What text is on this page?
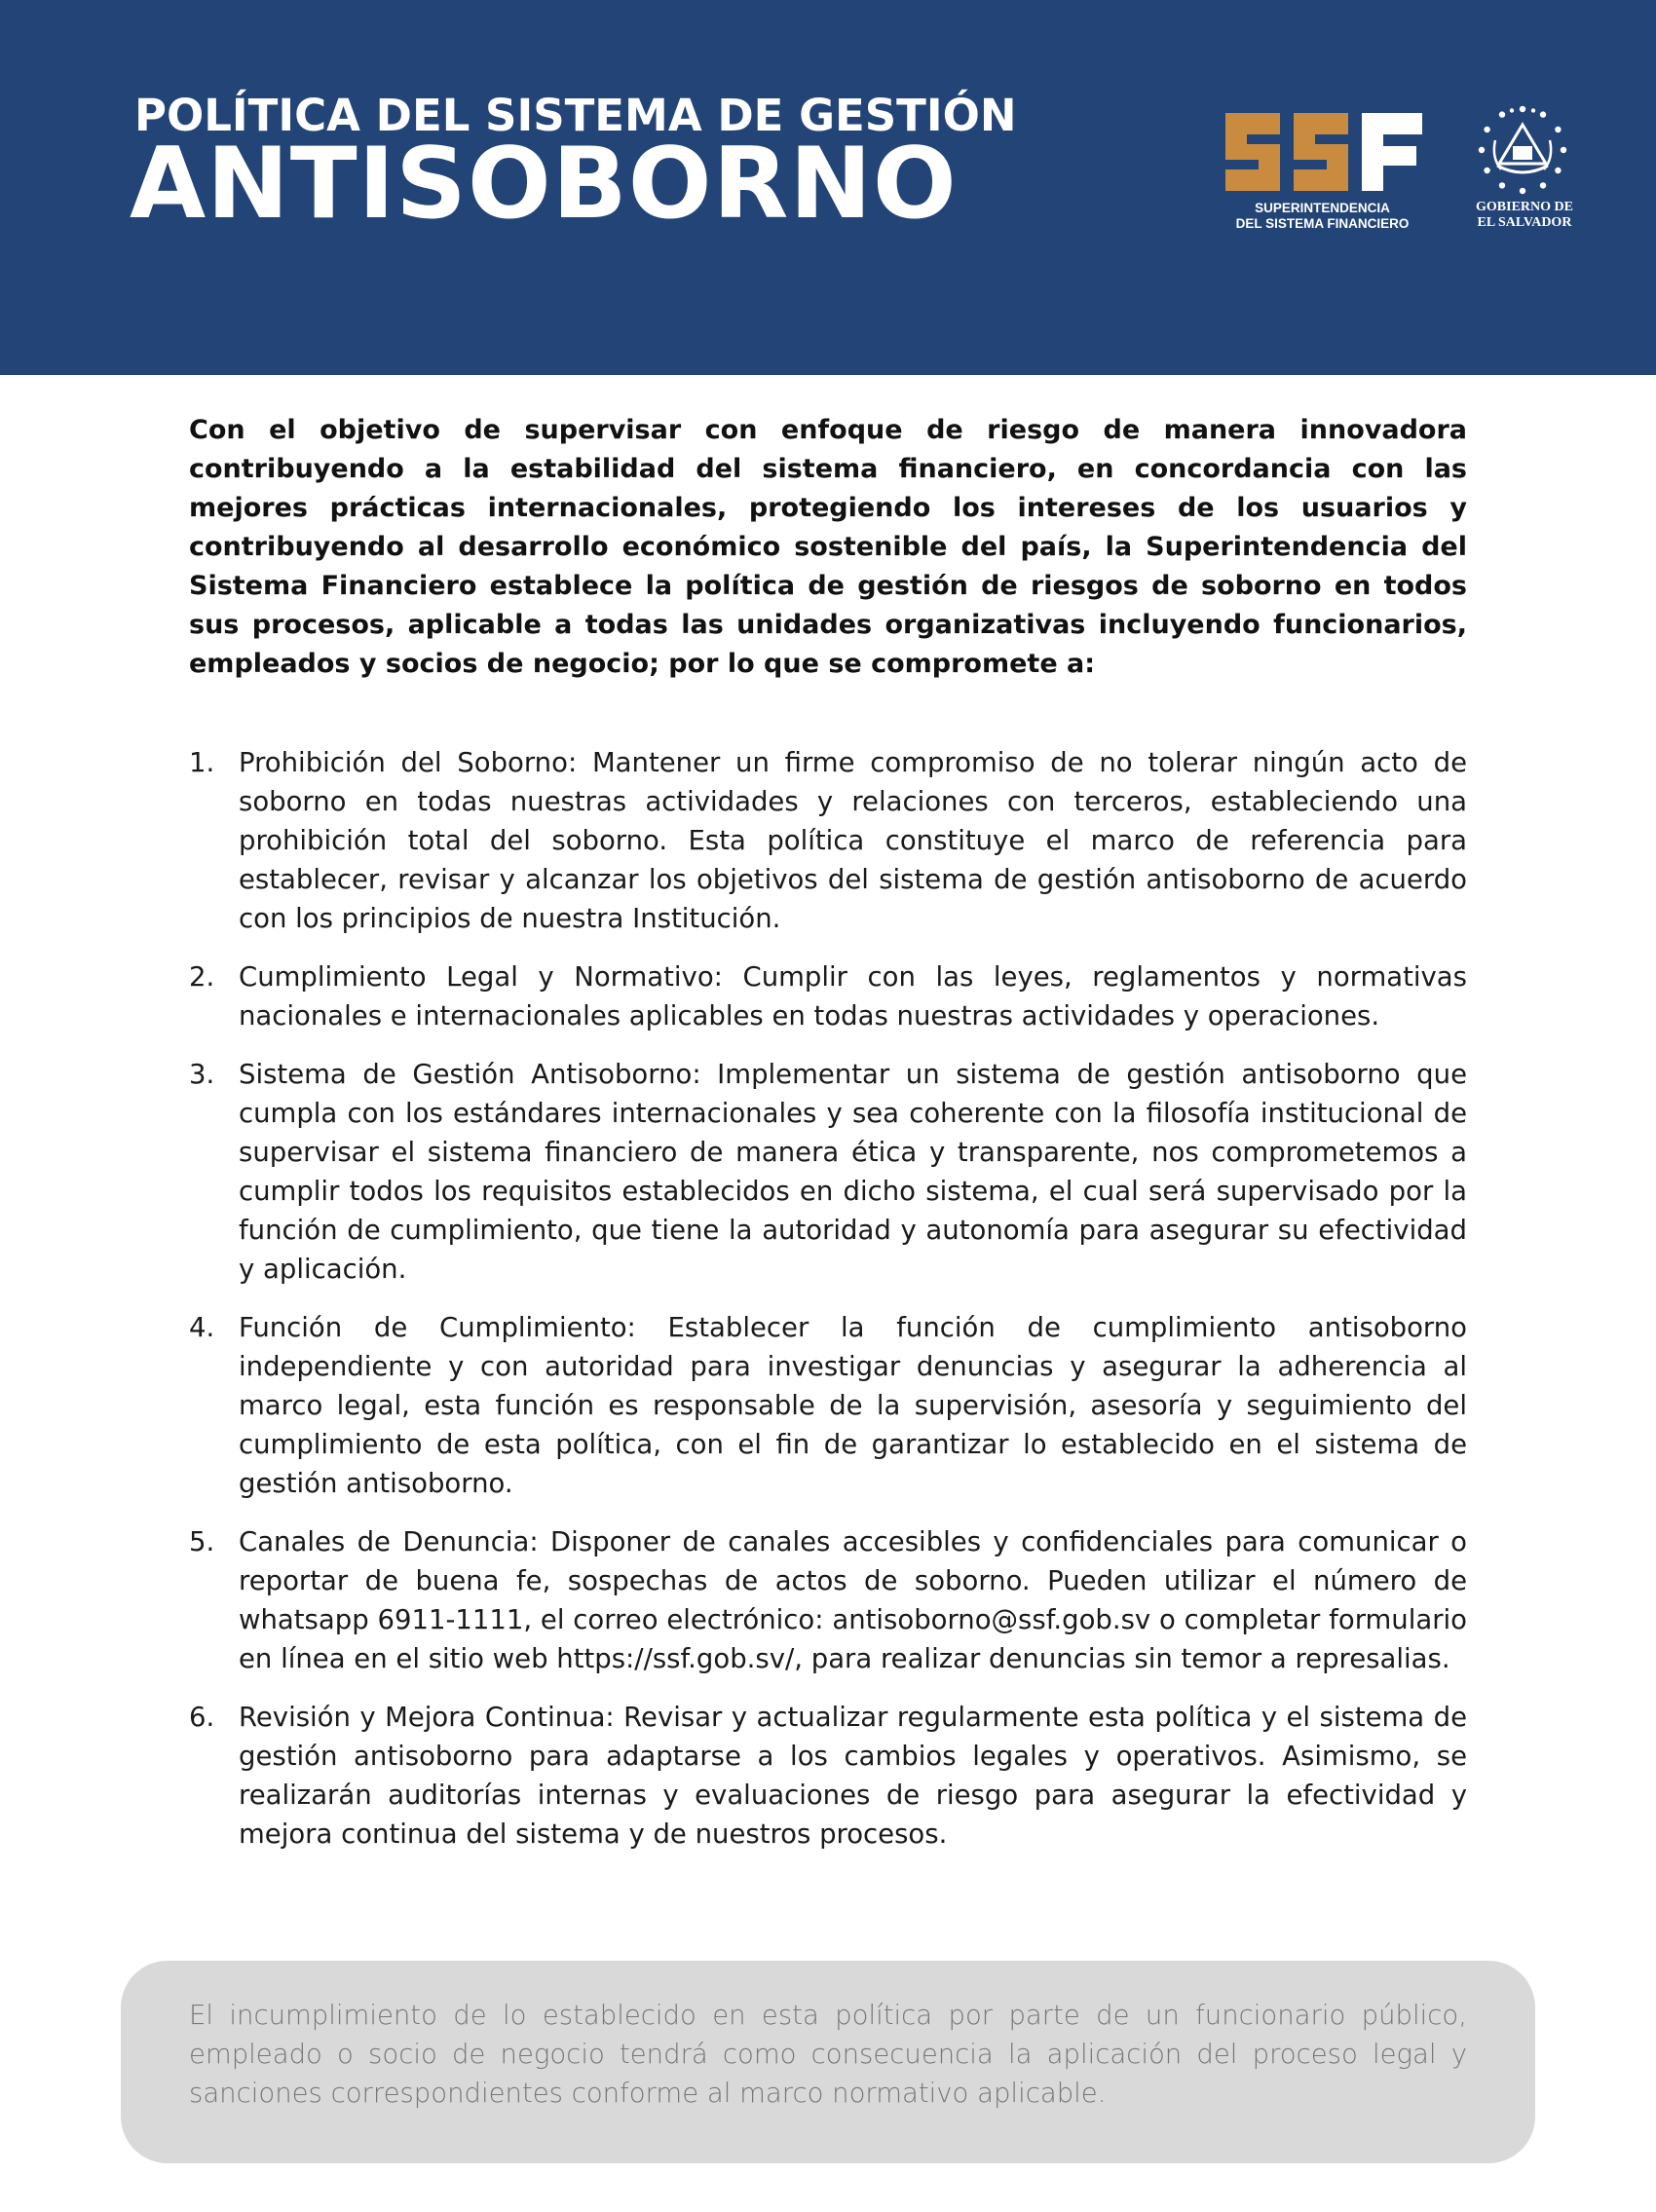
POLÍTICA DEL SISTEMA DE GESTIÓN
ANTISOBORNO	SUPERINTENDENCIA
DEL SISTEMA FINANCIERO
GOBIERNO DE
EL SALVADOR
Con el objetivo de supervisar con enfoque de riesgo de manera innovadora contribuyendo a la estabilidad del sistema financiero, en concordancia con las mejores prácticas internacionales, protegiendo los intereses de los usuarios y contribuyendo al desarrollo económico sostenible del país, la Superintendencia del Sistema Financiero establece la política de gestión de riesgos de soborno en todos sus procesos, aplicable a todas las unidades organizativas incluyendo funcionarios, empleados y socios de negocio; por lo que se compromete a:
1. Prohibición del Soborno: Mantener un firme compromiso de no tolerar ningún acto de soborno en todas nuestras actividades y relaciones con terceros, estableciendo una prohibición total del soborno. Esta política constituye el marco de referencia para establecer, revisar y alcanzar los objetivos del sistema de gestión antisoborno de acuerdo con los principios de nuestra Institución.
2. Cumplimiento Legal y Normativo: Cumplir con las leyes, reglamentos y normativas nacionales e internacionales aplicables en todas nuestras actividades y operaciones.
3. Sistema de Gestión Antisoborno: Implementar un sistema de gestión antisoborno que cumpla con los estándares internacionales y sea coherente con la filosofía institucional de supervisar el sistema financiero de manera ética y transparente, nos comprometemos a cumplir todos los requisitos establecidos en dicho sistema, el cual será supervisado por la función de cumplimiento, que tiene la autoridad y autonomía para asegurar su efectividad y aplicación.
4. Función de Cumplimiento: Establecer la función de cumplimiento antisoborno independiente y con autoridad para investigar denuncias y asegurar la adherencia al marco legal, esta función es responsable de la supervisión, asesoría y seguimiento del cumplimiento de esta política, con el fin de garantizar lo establecido en el sistema de gestión antisoborno.
5. Canales de Denuncia: Disponer de canales accesibles y confidenciales para comunicar o reportar de buena fe, sospechas de actos de soborno. Pueden utilizar el número de whatsapp 6911-1111, el correo electrónico: antisoborno@ssf.gob.sv o completar formulario en línea en el sitio web https://ssf.gob.sv/, para realizar denuncias sin temor a represalias.
6. Revisión y Mejora Continua: Revisar y actualizar regularmente esta política y el sistema de gestión antisoborno para adaptarse a los cambios legales y operativos. Asimismo, se realizarán auditorías internas y evaluaciones de riesgo para asegurar la efectividad y mejora continua del sistema y de nuestros procesos.
El incumplimiento de lo establecido en esta política por parte de un funcionario público, empleado o socio de negocio tendrá como consecuencia la aplicación del proceso legal y sanciones correspondientes conforme al marco normativo aplicable.
